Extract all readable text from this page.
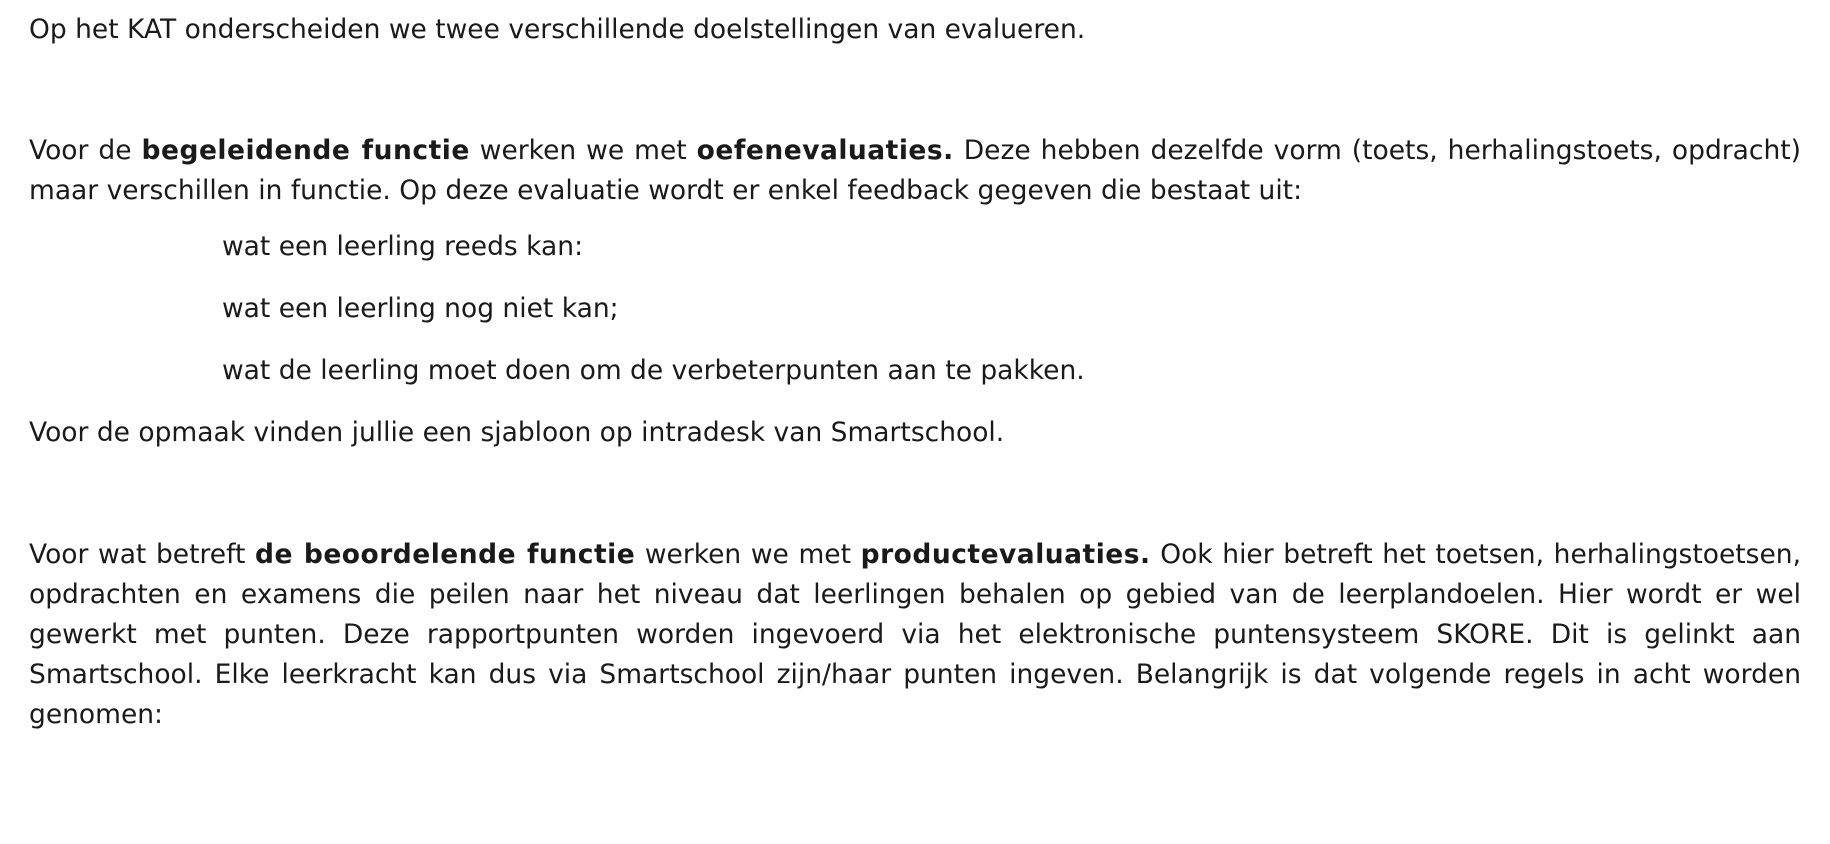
Op het KAT onderscheiden we twee verschillende doelstellingen van evalueren.

Voor de begeleidende functie werken we met oefenevaluaties. Deze hebben dezelfde vorm (toets, herhalingstoets, opdracht) maar verschillen in functie. Op deze evaluatie wordt er enkel feedback gegeven die bestaat uit:

wat een leerling reeds kan:

wat een leerling nog niet kan;

wat de leerling moet doen om de verbeterpunten aan te pakken.

Voor de opmaak vinden jullie een sjabloon op intradesk van Smartschool.

Voor wat betreft de beoordelende functie werken we met productevaluaties. Ook hier betreft het toetsen, herhalingstoetsen, opdrachten en examens die peilen naar het niveau dat leerlingen behalen op gebied van de leerplandoelen. Hier wordt er wel gewerkt met punten. Deze rapportpunten worden ingevoerd via het elektronische puntensysteem SKORE. Dit is gelinkt aan Smartschool. Elke leerkracht kan dus via Smartschool zijn/haar punten ingeven. Belangrijk is dat volgende regels in acht worden genomen:
